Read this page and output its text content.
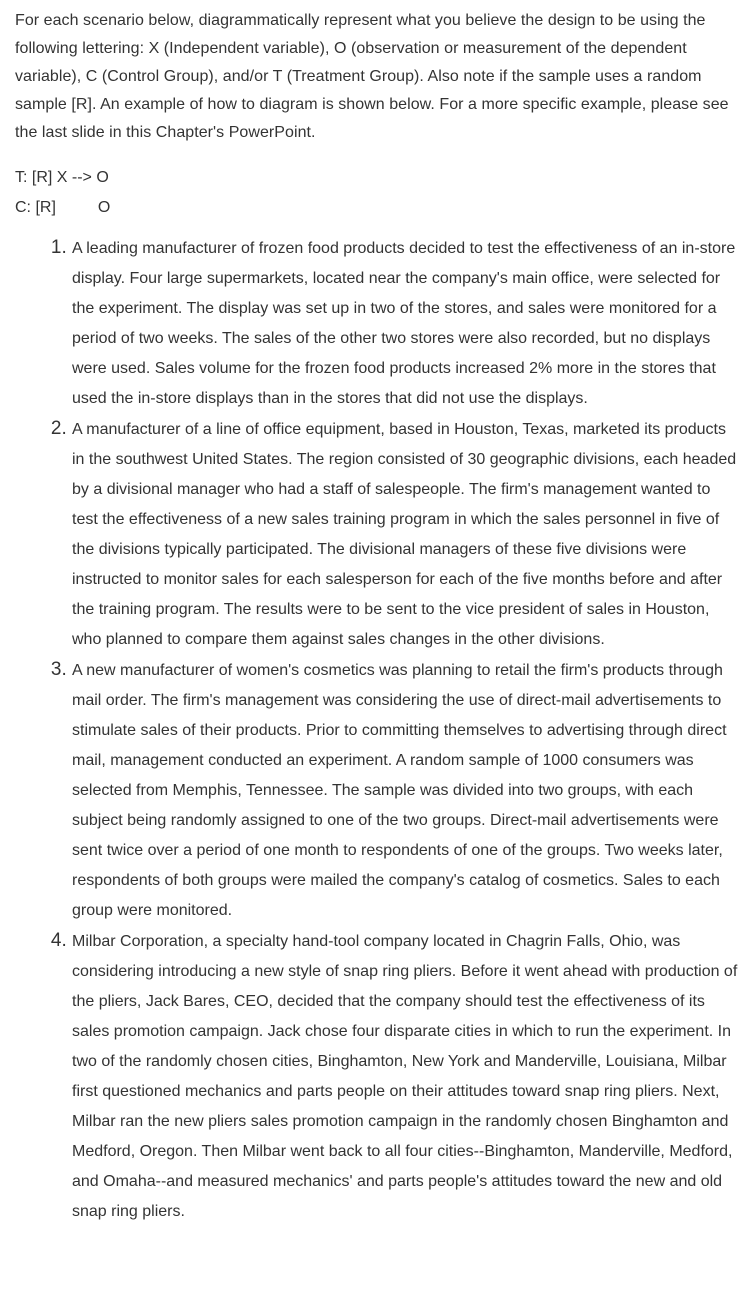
For each scenario below, diagrammatically represent what you believe the design to be using the following lettering: X (Independent variable), O (observation or measurement of the dependent variable), C (Control Group), and/or T (Treatment Group). Also note if the sample uses a random sample [R]. An example of how to diagram is shown below. For a more specific example, please see the last slide in this Chapter's PowerPoint.

T: [R] X --> O
C: [R]	O
1. A leading manufacturer of frozen food products decided to test the effectiveness of an in-store display. Four large supermarkets, located near the company's main office, were selected for the experiment. The display was set up in two of the stores, and sales were monitored for a period of two weeks. The sales of the other two stores were also recorded, but no displays were used. Sales volume for the frozen food products increased 2% more in the stores that used the in-store displays than in the stores that did not use the displays.
2. A manufacturer of a line of office equipment, based in Houston, Texas, marketed its products in the southwest United States. The region consisted of 30 geographic divisions, each headed by a divisional manager who had a staff of salespeople. The firm's management wanted to test the effectiveness of a new sales training program in which the sales personnel in five of the divisions typically participated. The divisional managers of these five divisions were instructed to monitor sales for each salesperson for each of the five months before and after the training program. The results were to be sent to the vice president of sales in Houston, who planned to compare them against sales changes in the other divisions.
3. A new manufacturer of women's cosmetics was planning to retail the firm's products through mail order. The firm's management was considering the use of direct-mail advertisements to stimulate sales of their products. Prior to committing themselves to advertising through direct mail, management conducted an experiment. A random sample of 1000 consumers was selected from Memphis, Tennessee. The sample was divided into two groups, with each subject being randomly assigned to one of the two groups. Direct-mail advertisements were sent twice over a period of one month to respondents of one of the groups. Two weeks later, respondents of both groups were mailed the company's catalog of cosmetics. Sales to each group were monitored.
4. Milbar Corporation, a specialty hand-tool company located in Chagrin Falls, Ohio, was considering introducing a new style of snap ring pliers. Before it went ahead with production of the pliers, Jack Bares, CEO, decided that the company should test the effectiveness of its sales promotion campaign. Jack chose four disparate cities in which to run the experiment. In two of the randomly chosen cities, Binghamton, New York and Manderville, Louisiana, Milbar first questioned mechanics and parts people on their attitudes toward snap ring pliers. Next, Milbar ran the new pliers sales promotion campaign in the randomly chosen Binghamton and Medford, Oregon. Then Milbar went back to all four cities--Binghamton, Manderville, Medford, and Omaha--and measured mechanics' and parts people's attitudes toward the new and old snap ring pliers.
